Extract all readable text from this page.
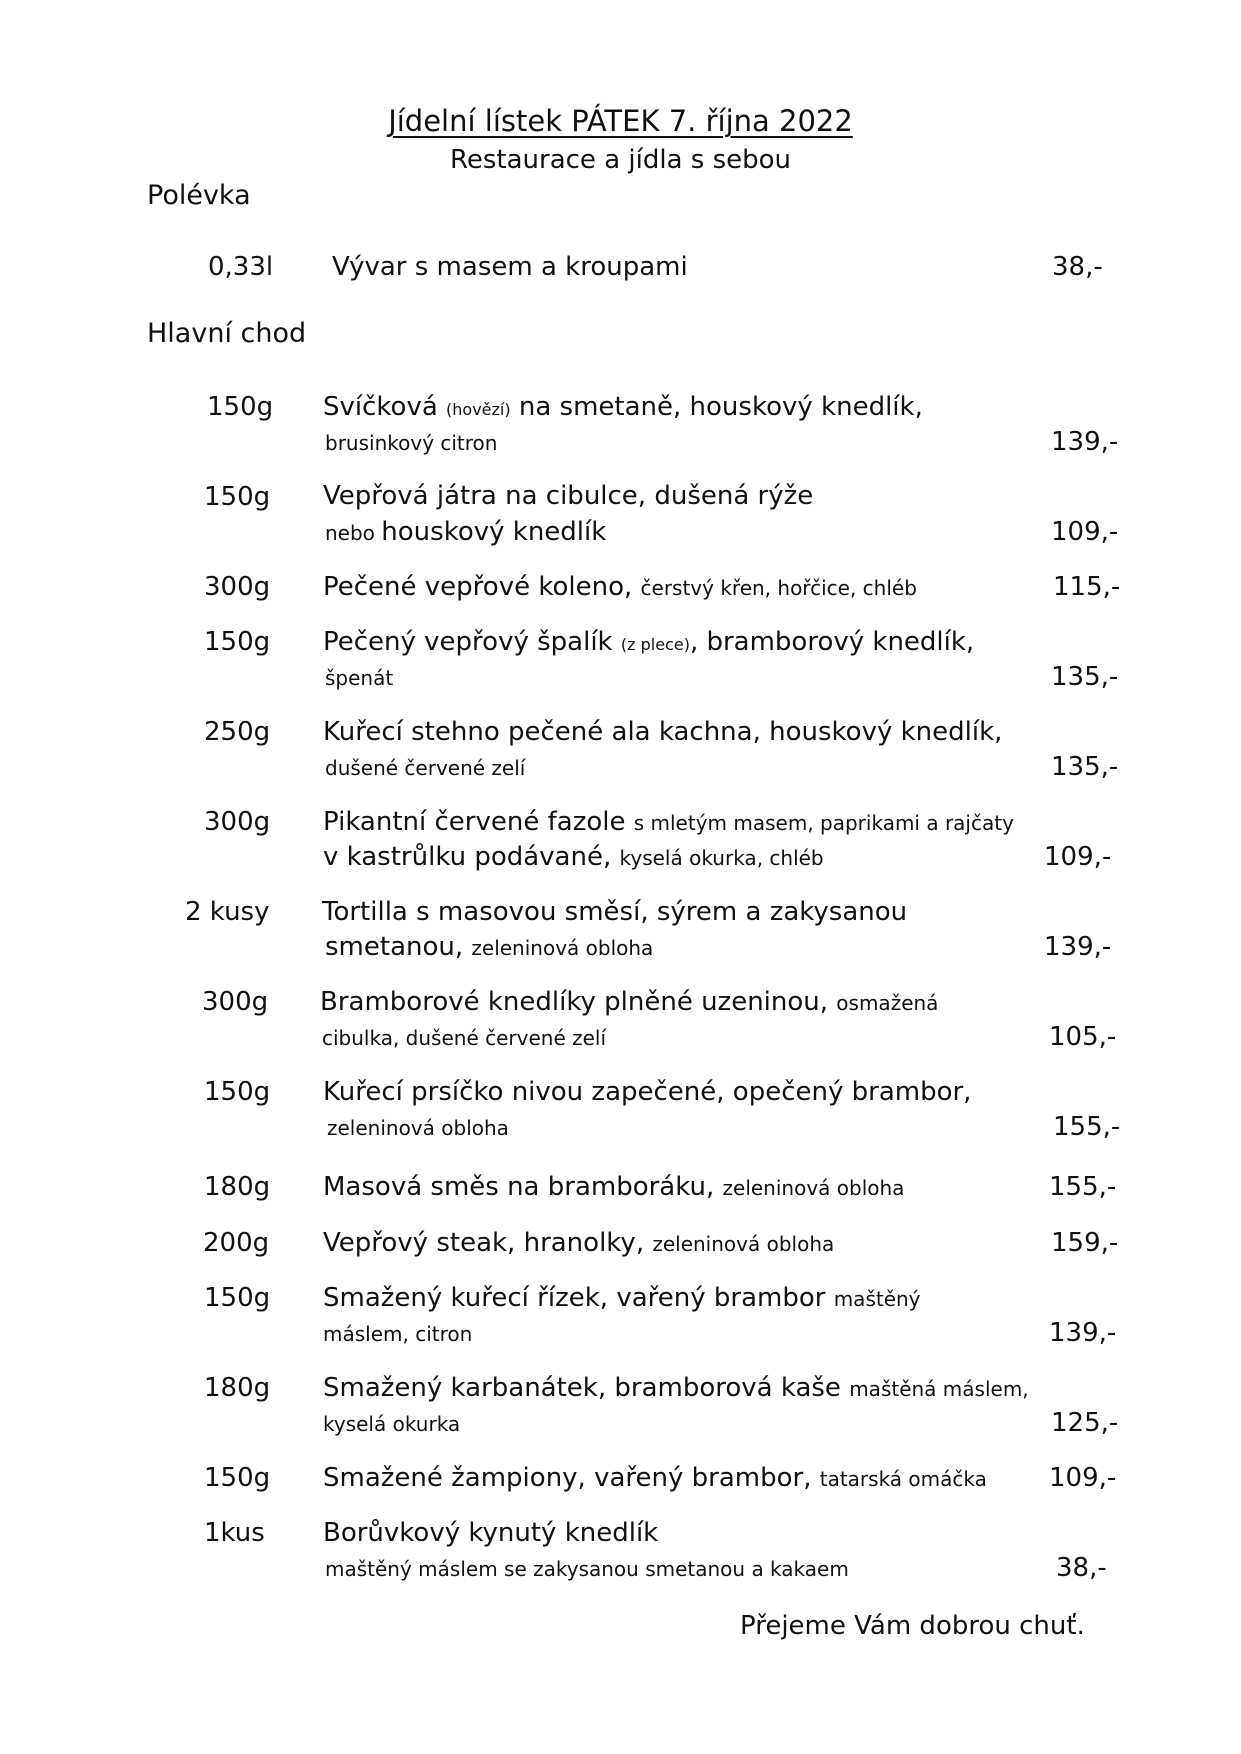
Jídelní lístek PÁTEK 7. října 2022
Restaurace a jídla s sebou
Polévka
0,33l Vývar s masem a kroupami	38,-
Hlavní chod
150g Svíčková (hovězí) na smetaně, houskový knedlík,
brusinkový citron	139,-
150g Vepřová játra na cibulce, dušená rýže
nebo houskový knedlík	109,-
300g Pečené vepřové koleno, čerstvý křen, hořčice, chléb	115,-
150g Pečený vepřový špalík (z plece), bramborový knedlík,
špenát	135,-
250g Kuřecí stehno pečené ala kachna, houskový knedlík,
dušené červené zelí	135,-
300g Pikantní červené fazole s mletým masem, paprikami a rajčaty
v kastrůlku podávané, kyselá okurka, chléb	109,-
2 kusy Tortilla s masovou směsí, sýrem a zakysanou
smetanou, zeleninová obloha	139,-
300g Bramborové knedlíky plněné uzeninou, osmažená
cibulka, dušené červené zelí	105,-
150g Kuřecí prsíčko nivou zapečené, opečený brambor,
zeleninová obloha	155,-
180g Masová směs na bramboráku, zeleninová obloha	155,-
200g Vepřový steak, hranolky, zeleninová obloha	159,-
150g Smažený kuřecí řízek, vařený brambor maštěný
máslem, citron	139,-
180g Smažený karbanátek, bramborová kaše maštěná máslem,
kyselá okurka	125,-
150g Smažené žampiony, vařený brambor, tatarská omáčka 109,-
1kus Borůvkový kynutý knedlík
maštěný máslem se zakysanou smetanou a kakaem	38,-
Přejeme Vám dobrou chuť.
